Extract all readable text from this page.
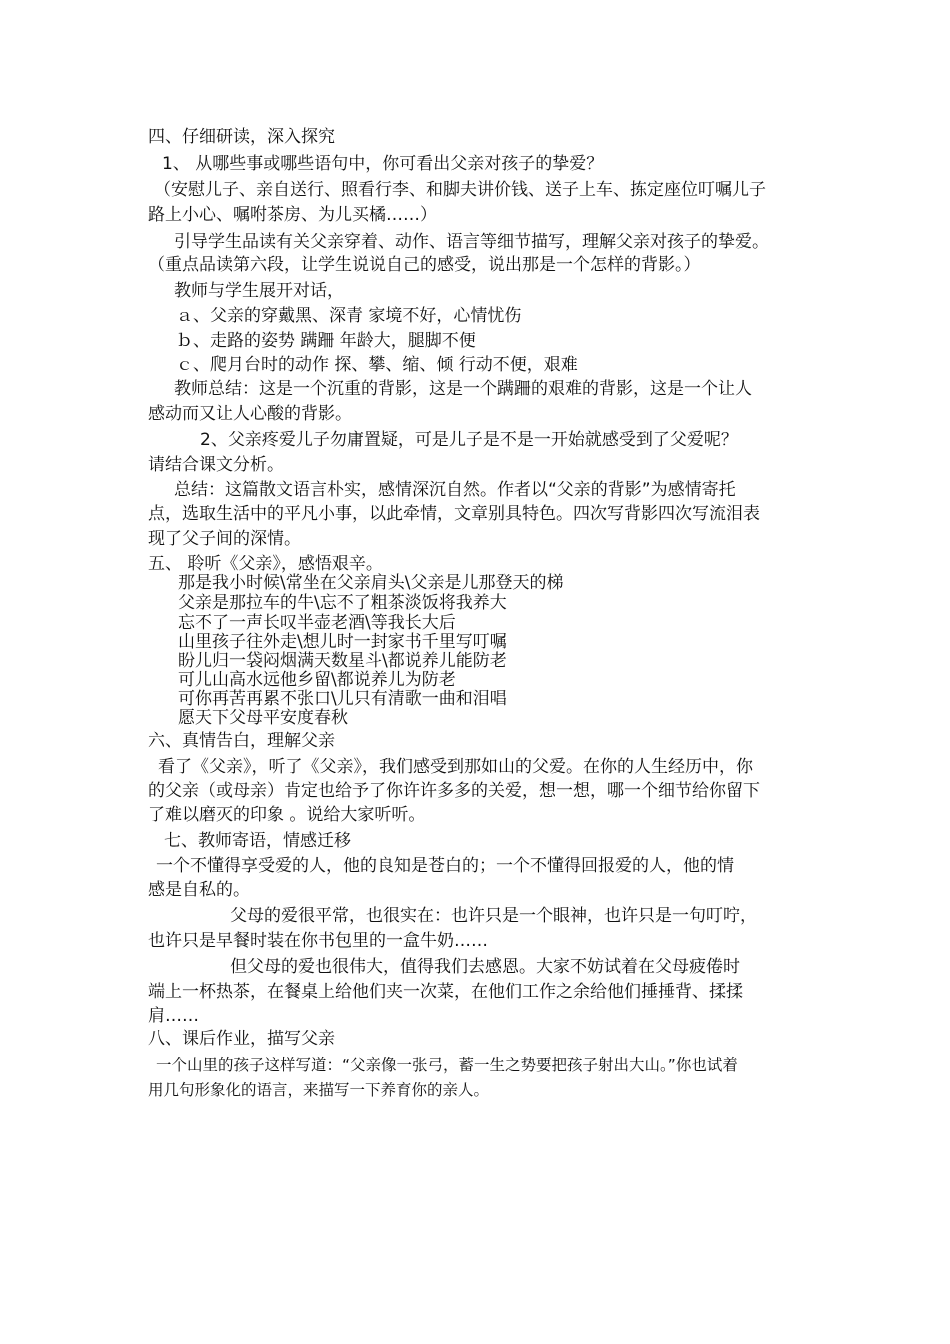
四、仔细研读，深入探究
1、 从哪些事或哪些语句中，你可看出父亲对孩子的挚爱？
（安慰儿子、亲自送行、照看行李、和脚夫讲价钱、送子上车、拣定座位叮嘱儿子
路上小心、嘱咐茶房、为儿买橘……）
引导学生品读有关父亲穿着、动作、语言等细节描写，理解父亲对孩子的挚爱。
（重点品读第六段，让学生说说自己的感受，说出那是一个怎样的背影。）
教师与学生展开对话，
ａ、父亲的穿戴黑、深青 家境不好，心情忧伤
ｂ、走路的姿势 蹒跚 年龄大，腿脚不便
ｃ、爬月台时的动作 探、攀、缩、倾 行动不便，艰难
教师总结：这是一个沉重的背影，这是一个蹒跚的艰难的背影，这是一个让人
感动而又让人心酸的背影。
2、父亲疼爱儿子勿庸置疑，可是儿子是不是一开始就感受到了父爱呢？
请结合课文分析。
总结：这篇散文语言朴实，感情深沉自然。作者以“父亲的背影”为感情寄托
点，选取生活中的平凡小事，以此牵情，文章别具特色。四次写背影四次写流泪表
现了父子间的深情。
五、 聆听《父亲》，感悟艰辛。
那是我小时候\常坐在父亲肩头\父亲是儿那登天的梯
父亲是那拉车的牛\忘不了粗茶淡饭将我养大
忘不了一声长叹半壶老酒\等我长大后
山里孩子往外走\想儿时一封家书千里写叮嘱
盼儿归一袋闷烟满天数星斗\都说养儿能防老
可儿山高水远他乡留\都说养儿为防老
可你再苦再累不张口\儿只有清歌一曲和泪唱
愿天下父母平安度春秋
六、真情告白，理解父亲
看了《父亲》，听了《父亲》，我们感受到那如山的父爱。在你的人生经历中，你
的父亲（或母亲）肯定也给予了你许许多多的关爱，想一想，哪一个细节给你留下
了难以磨灭的印象 。说给大家听听。
七、教师寄语，情感迁移
一个不懂得享受爱的人，他的良知是苍白的；一个不懂得回报爱的人，他的情
感是自私的。
父母的爱很平常，也很实在：也许只是一个眼神，也许只是一句叮咛，
也许只是早餐时装在你书包里的一盒牛奶……
但父母的爱也很伟大，值得我们去感恩。大家不妨试着在父母疲倦时
端上一杯热茶，在餐桌上给他们夹一次菜，在他们工作之余给他们捶捶背、揉揉
肩……
八、课后作业，描写父亲
一个山里的孩子这样写道：“父亲像一张弓，蓄一生之势要把孩子射出大山。”你也试着
用几句形象化的语言，来描写一下养育你的亲人。
